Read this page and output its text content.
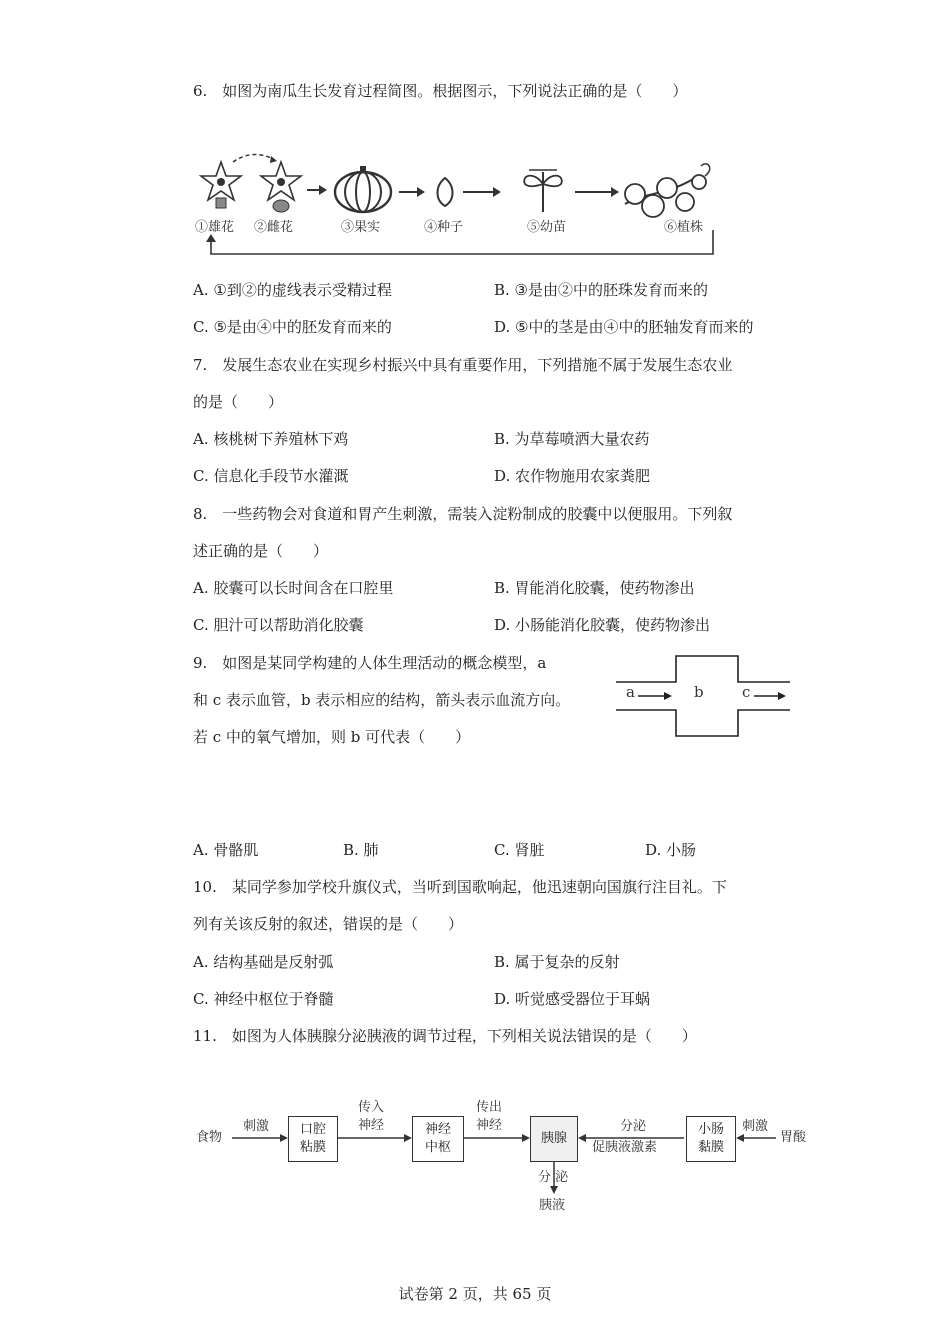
6.　如图为南瓜生长发育过程简图。根据图示，下列说法正确的是（　　）
①雄花 ②雌花	③果实	④种子	⑤幼苗	⑥植株
A. ①到②的虚线表示受精过程	B. ③是由②中的胚珠发育而来的
C. ⑤是由④中的胚发育而来的	D. ⑤中的茎是由④中的胚轴发育而来的
7.　发展生态农业在实现乡村振兴中具有重要作用，下列措施不属于发展生态农业
的是（　　）
A. 核桃树下养殖林下鸡	B. 为草莓喷洒大量农药
C. 信息化手段节水灌溉	D. 农作物施用农家粪肥
8.　一些药物会对食道和胃产生刺激，需装入淀粉制成的胶囊中以便服用。下列叙
述正确的是（　　）
A. 胶囊可以长时间含在口腔里	B. 胃能消化胶囊，使药物渗出
C. 胆汁可以帮助消化胶囊	D. 小肠能消化胶囊，使药物渗出
9.　如图是某同学构建的人体生理活动的概念模型，a
和 c 表示血管，b 表示相应的结构，箭头表示血流方向。
若 c 中的氧气增加，则 b 可代表（　　）
a	b	c
A. 骨骼肌	B. 肺	C. 肾脏	D. 小肠
10.　某同学参加学校升旗仪式，当听到国歌响起，他迅速朝向国旗行注目礼。下
列有关该反射的叙述，错误的是（　　）
A. 结构基础是反射弧	B. 属于复杂的反射
C. 神经中枢位于脊髓	D. 听觉感受器位于耳蜗
11.　如图为人体胰腺分泌胰液的调节过程，下列相关说法错误的是（　　）
食物
刺激 口腔
粘膜
传入
神经	神经
中枢
传出
神经
胰腺
分泌
促胰液激素
小肠
黏膜
刺激
胃酸
分 泌
胰液
试卷第 2 页，共 65 页
